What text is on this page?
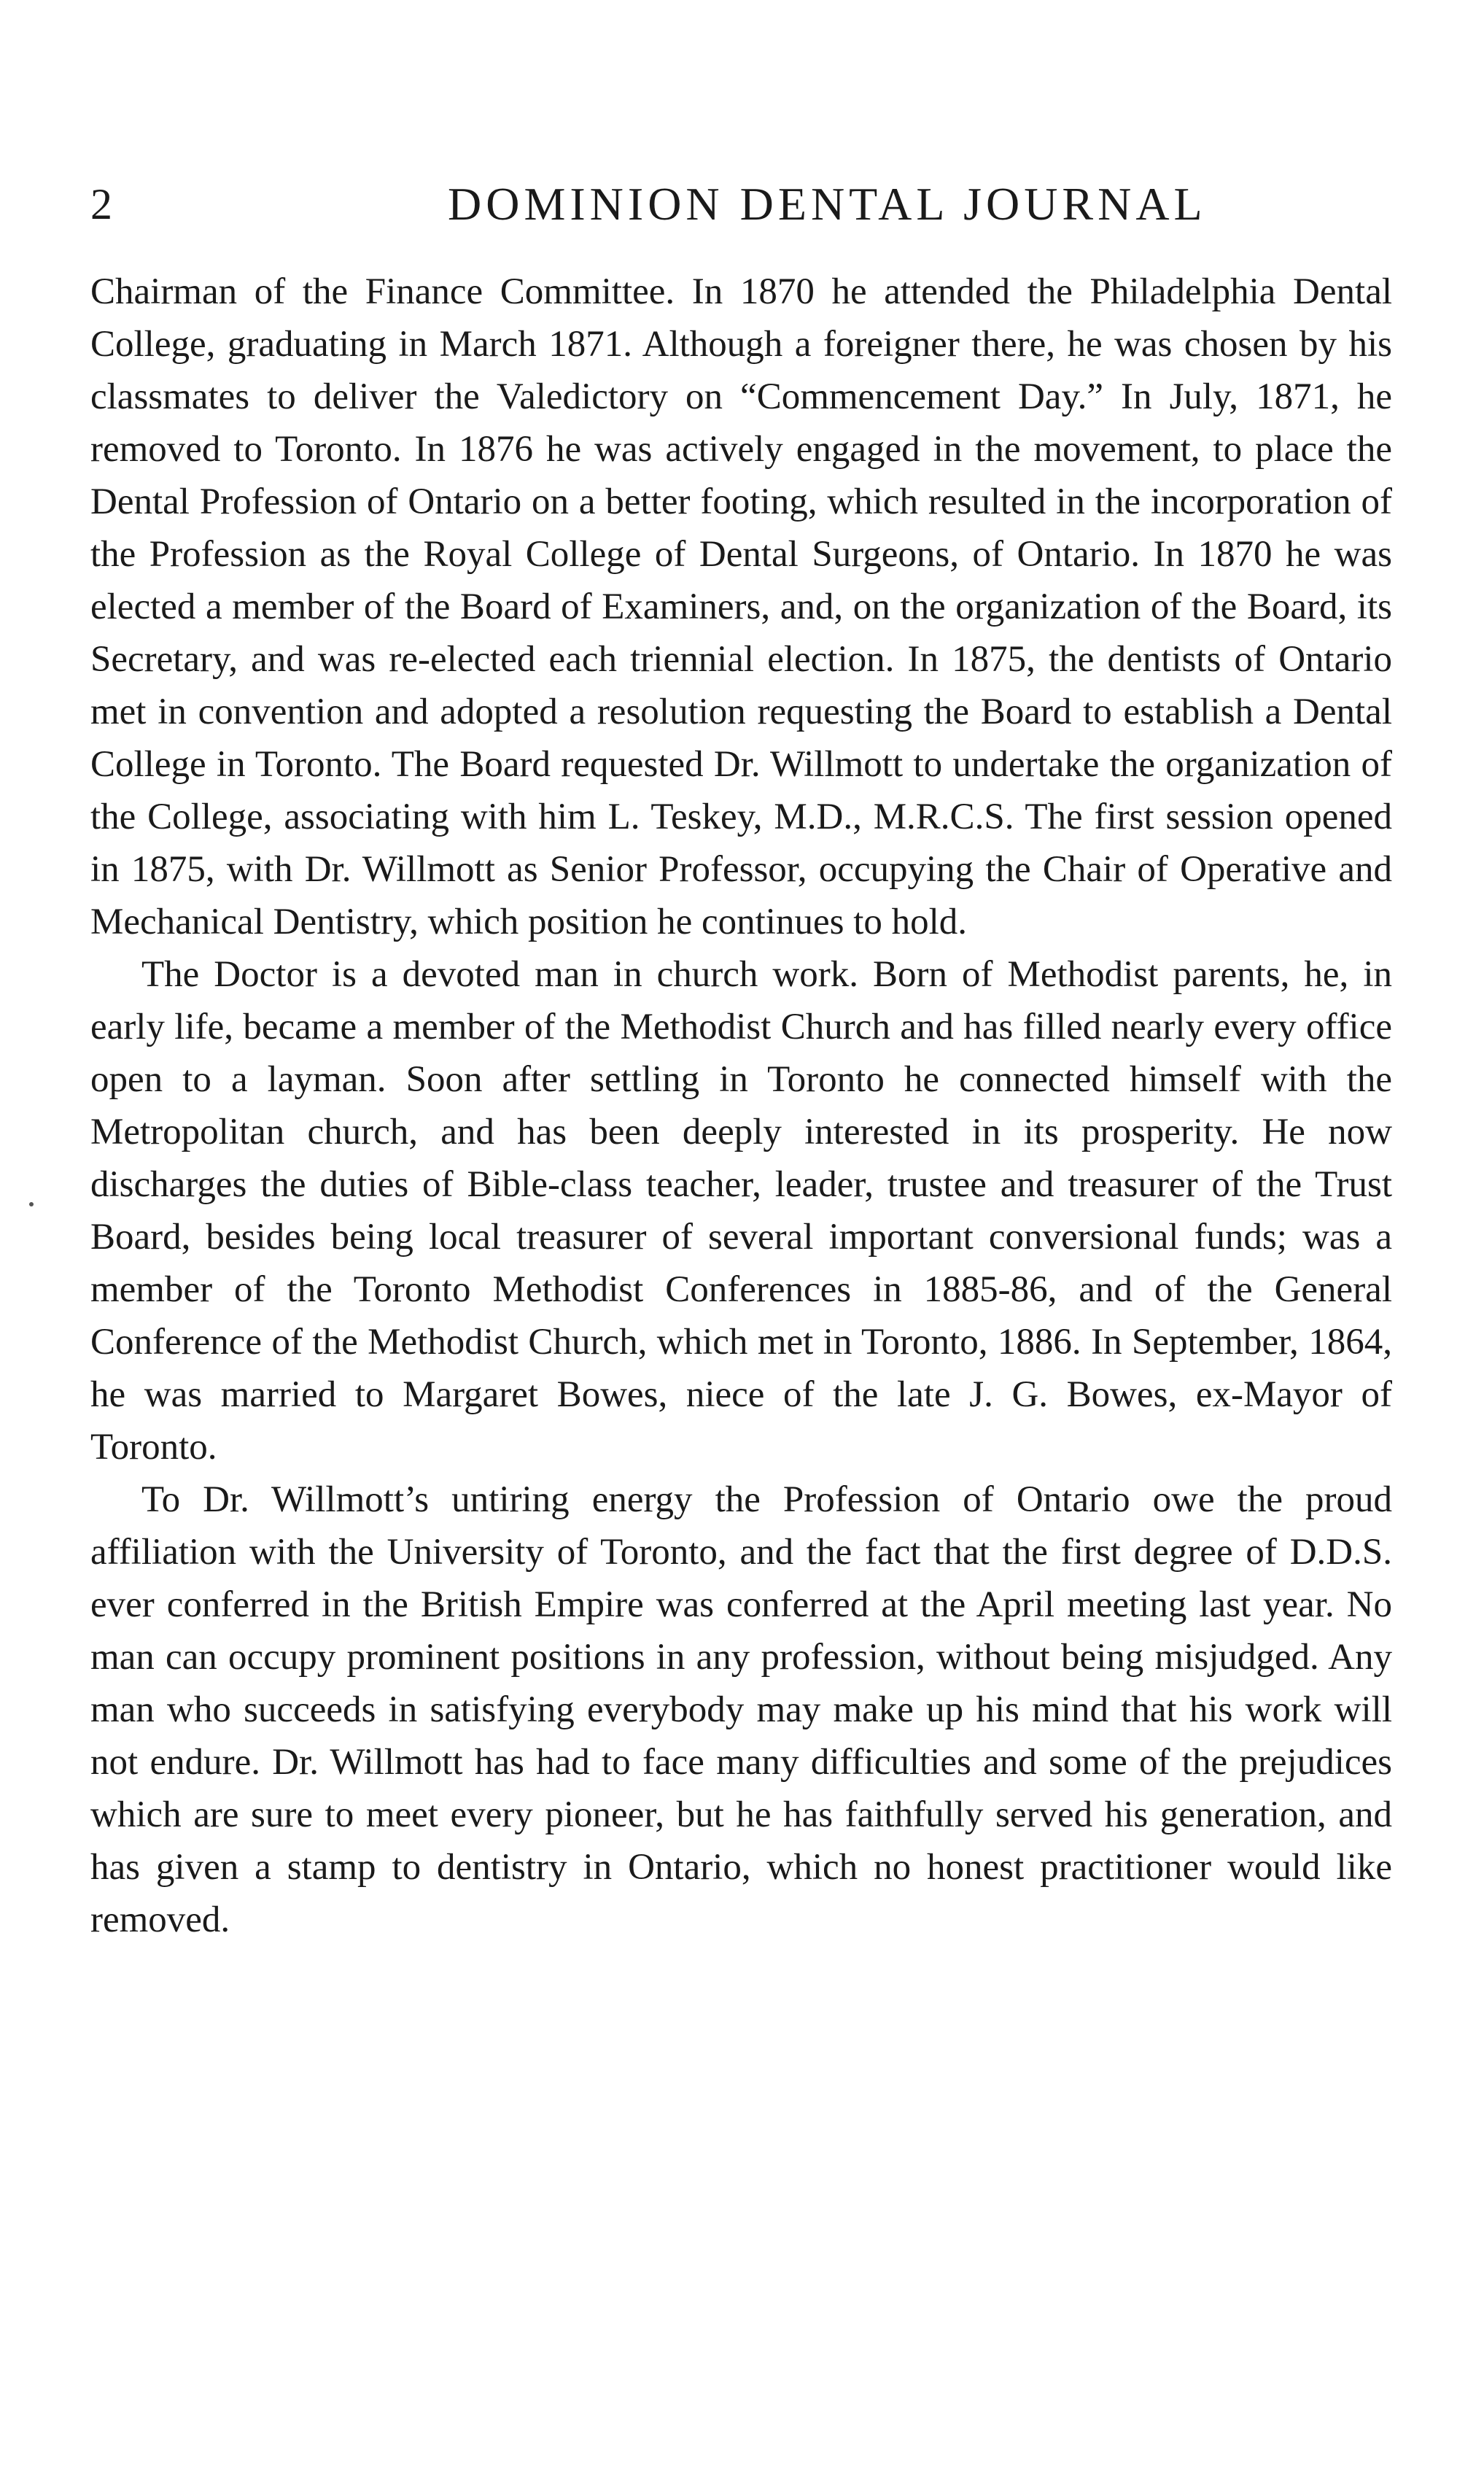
2	DOMINION DENTAL JOURNAL

Chairman of the Finance Committee. In 1870 he attended the Philadelphia Dental College, graduating in March 1871. Although a foreigner there, he was chosen by his classmates to deliver the Valedictory on “Commencement Day.” In July, 1871, he removed to Toronto. In 1876 he was actively engaged in the movement, to place the Dental Profession of Ontario on a better footing, which resulted in the incorporation of the Profession as the Royal College of Dental Surgeons, of Ontario. In 1870 he was elected a member of the Board of Examiners, and, on the organization of the Board, its Secretary, and was re-elected each triennial election. In 1875, the dentists of Ontario met in convention and adopted a resolution requesting the Board to establish a Dental College in Toronto. The Board requested Dr. Willmott to undertake the organization of the College, associating with him L. Teskey, M.D., M.R.C.S. The first session opened in 1875, with Dr. Willmott as Senior Professor, occupying the Chair of Operative and Mechanical Dentistry, which position he continues to hold.

The Doctor is a devoted man in church work. Born of Methodist parents, he, in early life, became a member of the Methodist Church and has filled nearly every office open to a layman. Soon after settling in Toronto he connected himself with the Metropolitan church, and has been deeply interested in its prosperity. He now discharges the duties of Bible-class teacher, leader, trustee and treasurer of the Trust Board, besides being local treasurer of several important conversional funds; was a member of the Toronto Methodist Conferences in 1885-86, and of the General Conference of the Methodist Church, which met in Toronto, 1886. In September, 1864, he was married to Margaret Bowes, niece of the late J. G. Bowes, ex-Mayor of Toronto.

To Dr. Willmott’s untiring energy the Profession of Ontario owe the proud affiliation with the University of Toronto, and the fact that the first degree of D.D.S. ever conferred in the British Empire was conferred at the April meeting last year. No man can occupy prominent positions in any profession, without being misjudged. Any man who succeeds in satisfying everybody may make up his mind that his work will not endure. Dr. Willmott has had to face many difficulties and some of the prejudices which are sure to meet every pioneer, but he has faithfully served his generation, and has given a stamp to dentistry in Ontario, which no honest practitioner would like removed.
